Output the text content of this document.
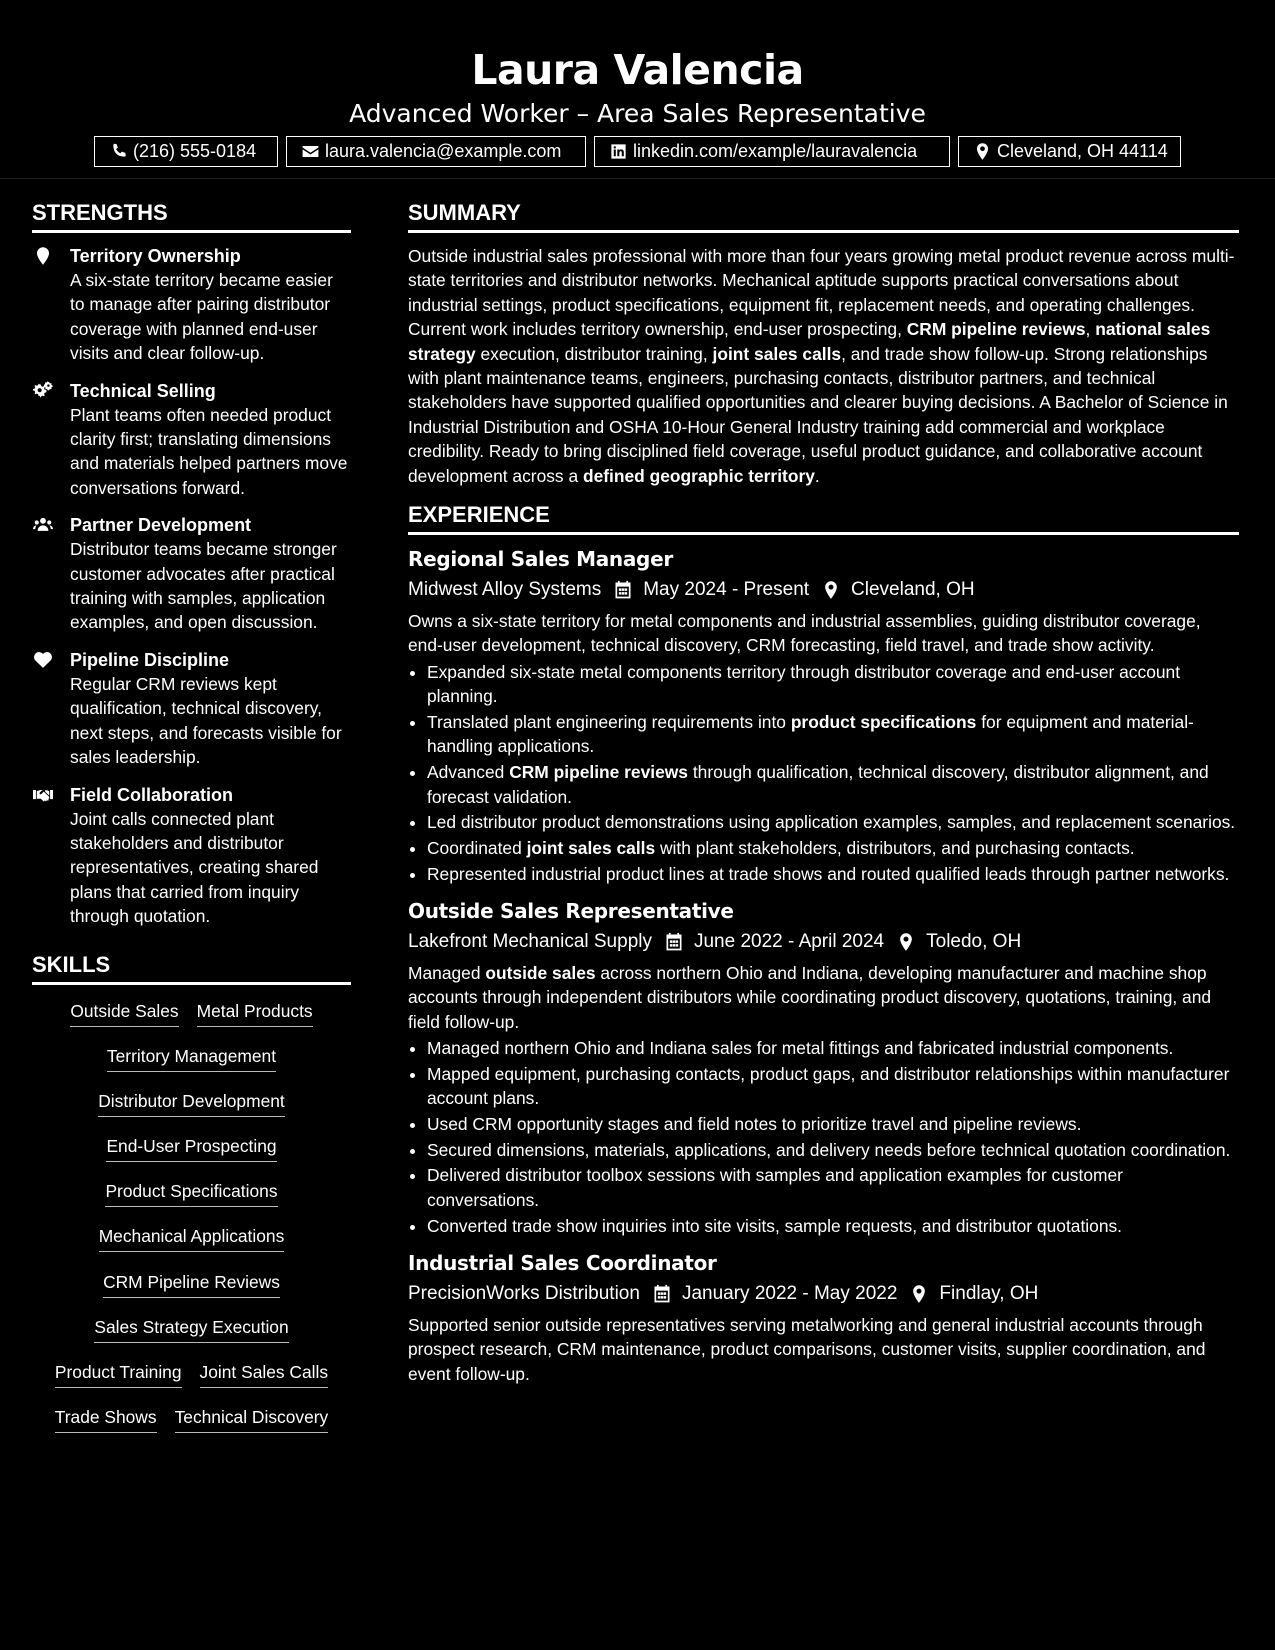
Laura Valencia
Advanced Worker – Area Sales Representative
(216) 555-0184	laura.valencia@example.com	linkedin.com/example/lauravalencia	Cleveland, OH 44114
STRENGTHS
Territory Ownership
A six-state territory became easier to manage after pairing distributor coverage with planned end-user visits and clear follow-up.
Technical Selling
Plant teams often needed product clarity first; translating dimensions and materials helped partners move conversations forward.
Partner Development
Distributor teams became stronger customer advocates after practical training with samples, application examples, and open discussion.
Pipeline Discipline
Regular CRM reviews kept qualification, technical discovery, next steps, and forecasts visible for sales leadership.
Field Collaboration
Joint calls connected plant stakeholders and distributor representatives, creating shared plans that carried from inquiry through quotation.
SKILLS
Outside Sales Metal Products
Territory Management
Distributor Development
End-User Prospecting
Product Specifications
Mechanical Applications
CRM Pipeline Reviews
Sales Strategy Execution
Product Training Joint Sales Calls
Trade Shows Technical Discovery
SUMMARY

Outside industrial sales professional with more than four years growing metal product revenue across multi-state territories and distributor networks. Mechanical aptitude supports practical conversations about industrial settings, product specifications, equipment fit, replacement needs, and operating challenges. Current work includes territory ownership, end-user prospecting, CRM pipeline reviews, national sales strategy execution, distributor training, joint sales calls, and trade show follow-up. Strong relationships with plant maintenance teams, engineers, purchasing contacts, distributor partners, and technical stakeholders have supported qualified opportunities and clearer buying decisions. A Bachelor of Science in Industrial Distribution and OSHA 10-Hour General Industry training add commercial and workplace credibility. Ready to bring disciplined field coverage, useful product guidance, and collaborative account development across a defined geographic territory.

EXPERIENCE
Regional Sales Manager
Midwest Alloy Systems May 2024 - Present Cleveland, OH

Owns a six-state territory for metal components and industrial assemblies, guiding distributor coverage, end-user development, technical discovery, CRM forecasting, field travel, and trade show activity.

• Expanded six-state metal components territory through distributor coverage and end-user account planning.
• Translated plant engineering requirements into product specifications for equipment and material-handling applications.
• Advanced CRM pipeline reviews through qualification, technical discovery, distributor alignment, and forecast validation.
• Led distributor product demonstrations using application examples, samples, and replacement scenarios.
• Coordinated joint sales calls with plant stakeholders, distributors, and purchasing contacts.
• Represented industrial product lines at trade shows and routed qualified leads through partner networks.
Outside Sales Representative
Lakefront Mechanical Supply June 2022 - April 2024 Toledo, OH

Managed outside sales across northern Ohio and Indiana, developing manufacturer and machine shop accounts through independent distributors while coordinating product discovery, quotations, training, and field follow-up.

• Managed northern Ohio and Indiana sales for metal fittings and fabricated industrial components.
• Mapped equipment, purchasing contacts, product gaps, and distributor relationships within manufacturer account plans.
• Used CRM opportunity stages and field notes to prioritize travel and pipeline reviews.
• Secured dimensions, materials, applications, and delivery needs before technical quotation coordination.
• Delivered distributor toolbox sessions with samples and application examples for customer conversations.
• Converted trade show inquiries into site visits, sample requests, and distributor quotations.
Industrial Sales Coordinator
PrecisionWorks Distribution January 2022 - May 2022 Findlay, OH

Supported senior outside representatives serving metalworking and general industrial accounts through prospect research, CRM maintenance, product comparisons, customer visits, supplier coordination, and event follow-up.
